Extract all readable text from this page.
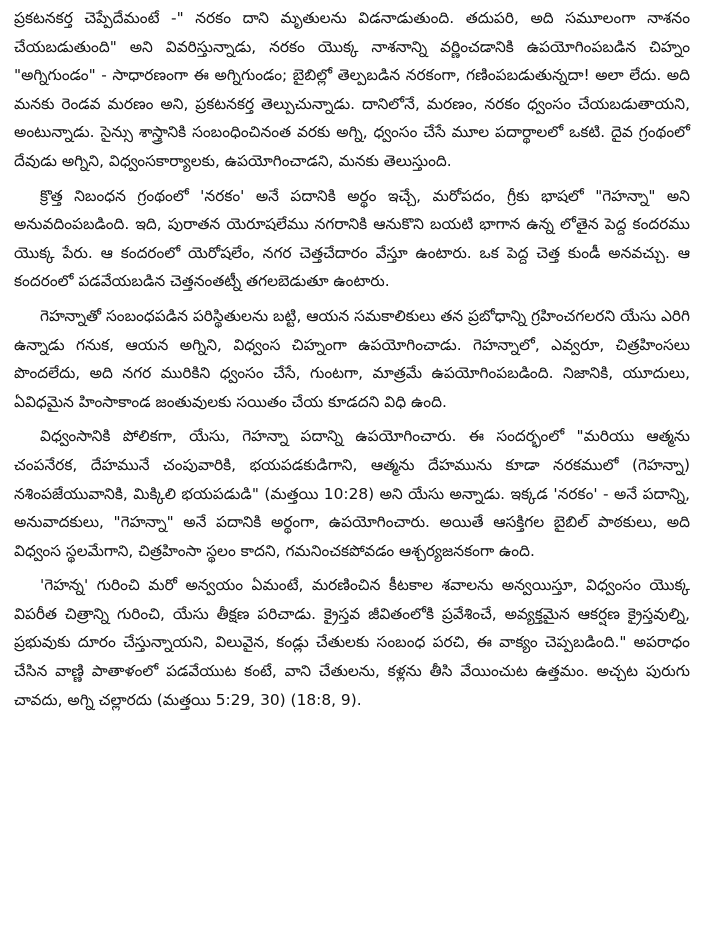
ప్రకటనకర్త చెప్పేదేమంటే -" నరకం దాని మృతులను విడనాడుతుంది. తదుపరి, అది సమూలంగా నాశనం చేయబడుతుంది" అని వివరిస్తున్నాడు, నరకం యొక్క నాశనాన్ని వర్ణించడానికి ఉపయోగింపబడిన చిహ్నం "అగ్నిగుండం" - సాధారణంగా ఈ అగ్నిగుండం; బైబిల్లో తెల్పబడిన నరకంగా, గణింపబడుతున్నదా! అలా లేదు. అది మనకు రెండవ మరణం అని, ప్రకటనకర్త తెల్పుచున్నాడు. దానిలోనే, మరణం, నరకం ధ్వంసం చేయబడుతాయని, అంటున్నాడు. సైన్సు శాస్త్రానికి సంబంధించినంత వరకు అగ్ని, ధ్వంసం చేసే మూల పదార్థాలలో ఒకటి. దైవ గ్రంథంలో దేవుడు అగ్నిని, విధ్వంసకార్యాలకు, ఉపయోగించాడని, మనకు తెలుస్తుంది.

క్రొత్త నిబంధన గ్రంథంలో 'నరకం' అనే పదానికి అర్థం ఇచ్చే, మరోపదం, గ్రీకు భాషలో "గెహన్నా" అని అనువదింపబడింది. ఇది, పురాతన యెరూషలేము నగరానికి ఆనుకొని బయటి భాగాన ఉన్న లోతైన పెద్ద కందరము యొక్క పేరు. ఆ కందరంలో యెరోషలేం, నగర చెత్తచేదారం వేస్తూ ఉంటారు. ఒక పెద్ద చెత్త కుండీ అనవచ్చు. ఆ కందరంలో పడవేయబడిన చెత్తనంతట్నీ తగలబెడుతూ ఉంటారు.

గెహన్నాతో సంబంధపడిన పరిస్థితులను బట్టి, ఆయన సమకాలికులు తన ప్రబోధాన్ని గ్రహించగలరని యేసు ఎరిగి ఉన్నాడు గనుక, ఆయన అగ్నిని, విధ్వంస చిహ్నంగా ఉపయోగించాడు. గెహన్నాలో, ఎవ్వరూ, చిత్రహింసలు పొందలేదు, అది నగర మురికిని ధ్వంసం చేసే, గుంటగా, మాత్రమే ఉపయోగింపబడింది. నిజానికి, యూదులు, ఏవిధమైన హింసాకాండ జంతువులకు సయితం చేయ కూడదని విధి ఉంది.

విధ్వంసానికి పోలికగా, యేసు, గెహన్నా పదాన్ని ఉపయోగించారు. ఈ సందర్భంలో "మరియు ఆత్మను చంపనేరక, దేహమునే చంపువారికి, భయపడకుడిగాని, ఆత్మను దేహమును కూడా నరకములో (గెహన్నా) నశింపజేయువానికి, మిక్కిలి భయపడుడి" (మత్తయి 10:28) అని యేసు అన్నాడు. ఇక్కడ 'నరకం' - అనే పదాన్ని, అనువాదకులు, "గెహన్నా" అనే పదానికి అర్థంగా, ఉపయోగించారు. అయితే ఆసక్తిగల బైబిల్ పాఠకులు, అది విధ్వంస స్థలమేగాని, చిత్రహింసా స్థలం కాదని, గమనించకపోవడం ఆశ్చర్యజనకంగా ఉంది.

'గెహన్న' గురించి మరో అన్వయం ఏమంటే, మరణించిన కీటకాల శవాలను అన్వయిస్తూ, విధ్వంసం యొక్క విపరీత చిత్రాన్ని గురించి, యేసు తీక్షణ పరిచాడు. క్రైస్తవ జీవితంలోకి ప్రవేశించే, అవ్యక్తమైన ఆకర్షణ క్రైస్తవుల్ని, ప్రభువుకు దూరం చేస్తున్నాయని, విలువైన, కండ్లు చేతులకు సంబంధ పరచి, ఈ వాక్యం చెప్పబడింది." అపరాధం చేసిన వాణ్ణి పాతాళంలో పడవేయుట కంటే, వాని చేతులను, కళ్లను తీసి వేయించుట ఉత్తమం. అచ్చట పురుగు చావదు, అగ్ని చల్లారదు (మత్తయి 5:29, 30) (18:8, 9).
